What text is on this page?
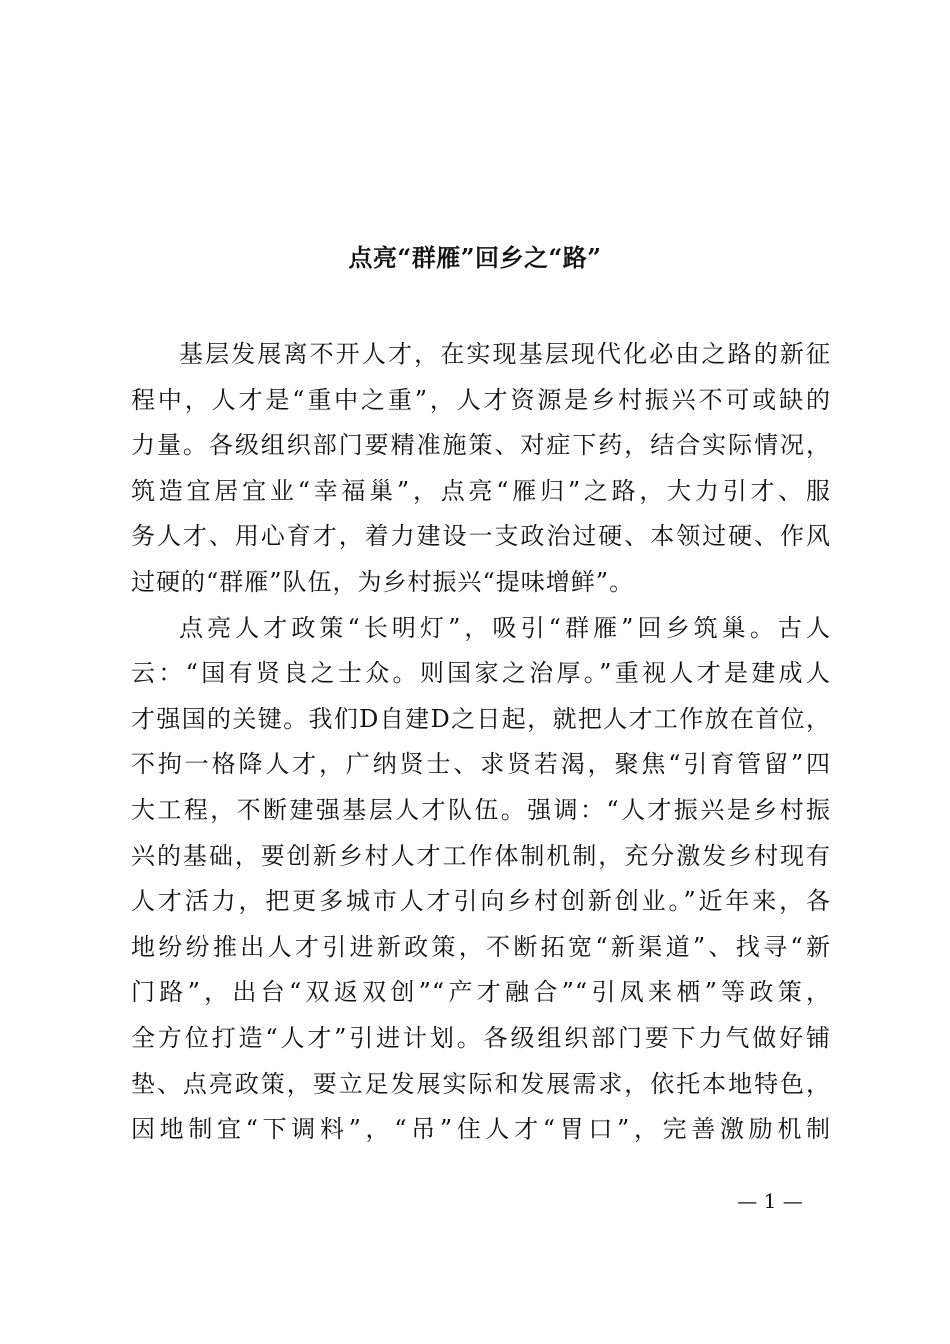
点亮“群雁”回乡之“路”
基层发展离不开人才，在实现基层现代化必由之路的新征
程中，人才是“重中之重”，人才资源是乡村振兴不可或缺的
力量。各级组织部门要精准施策、对症下药，结合实际情况，
筑造宜居宜业“幸福巢”，点亮“雁归”之路，大力引才、服
务人才、用心育才，着力建设一支政治过硬、本领过硬、作风
过硬的“群雁”队伍，为乡村振兴“提味增鲜”。
点亮人才政策“长明灯”，吸引“群雁”回乡筑巢。古人
云：“国有贤良之士众。则国家之治厚。”重视人才是建成人
才强国的关键。我们D自建D之日起，就把人才工作放在首位，
不拘一格降人才，广纳贤士、求贤若渴，聚焦“引育管留”四
大工程，不断建强基层人才队伍。强调：“人才振兴是乡村振
兴的基础，要创新乡村人才工作体制机制，充分激发乡村现有
人才活力，把更多城市人才引向乡村创新创业。”近年来，各
地纷纷推出人才引进新政策，不断拓宽“新渠道”、找寻“新
门路”，出台“双返双创”“产才融合”“引凤来栖”等政策，
全方位打造“人才”引进计划。各级组织部门要下力气做好铺
垫、点亮政策，要立足发展实际和发展需求，依托本地特色，
因地制宜“下调料”，“吊”住人才“胃口”，完善激励机制
— 1 —
